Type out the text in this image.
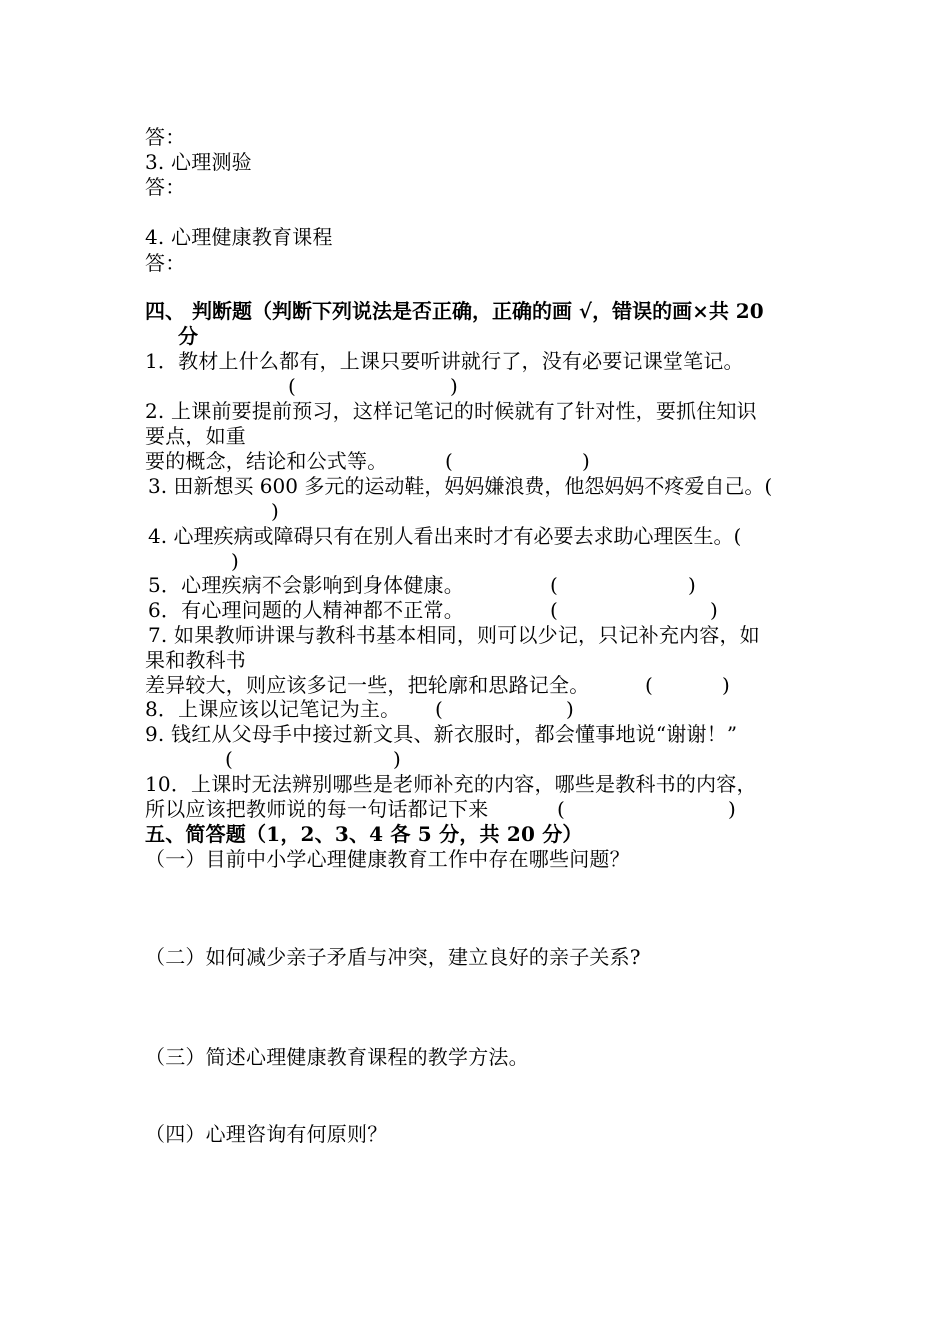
答：
3. 心理测验
答：
4. 心理健康教育课程
答：
四、 判断题（判断下列说法是否正确，正确的画 √，错误的画×共 20
分
1．教材上什么都有，上课只要听讲就行了，没有必要记课堂笔记。
(	)
2. 上课前要提前预习，这样记笔记的时候就有了针对性，要抓住知识
要点，如重
要的概念，结论和公式等。	(	)
3. 田新想买 600 多元的运动鞋，妈妈嫌浪费，他怨妈妈不疼爱自己。(
)
4. 心理疾病或障碍只有在别人看出来时才有必要去求助心理医生。(
)
5．心理疾病不会影响到身体健康。	(	)
6．有心理问题的人精神都不正常。	(	)
7. 如果教师讲课与教科书基本相同，则可以少记，只记补充内容，如
果和教科书
差异较大，则应该多记一些，把轮廓和思路记全。	(	)
8．上课应该以记笔记为主。 (	)
9. 钱红从父母手中接过新文具、新衣服时，都会懂事地说“谢谢！”
(	)
10．上课时无法辨别哪些是老师补充的内容，哪些是教科书的内容，
所以应该把教师说的每一句话都记下来	(	)
五、简答题（1，2、3、4 各 5 分，共 20 分）
（一）目前中小学心理健康教育工作中存在哪些问题？
（二）如何减少亲子矛盾与冲突，建立良好的亲子关系?
（三）简述心理健康教育课程的教学方法。
（四）心理咨询有何原则？
